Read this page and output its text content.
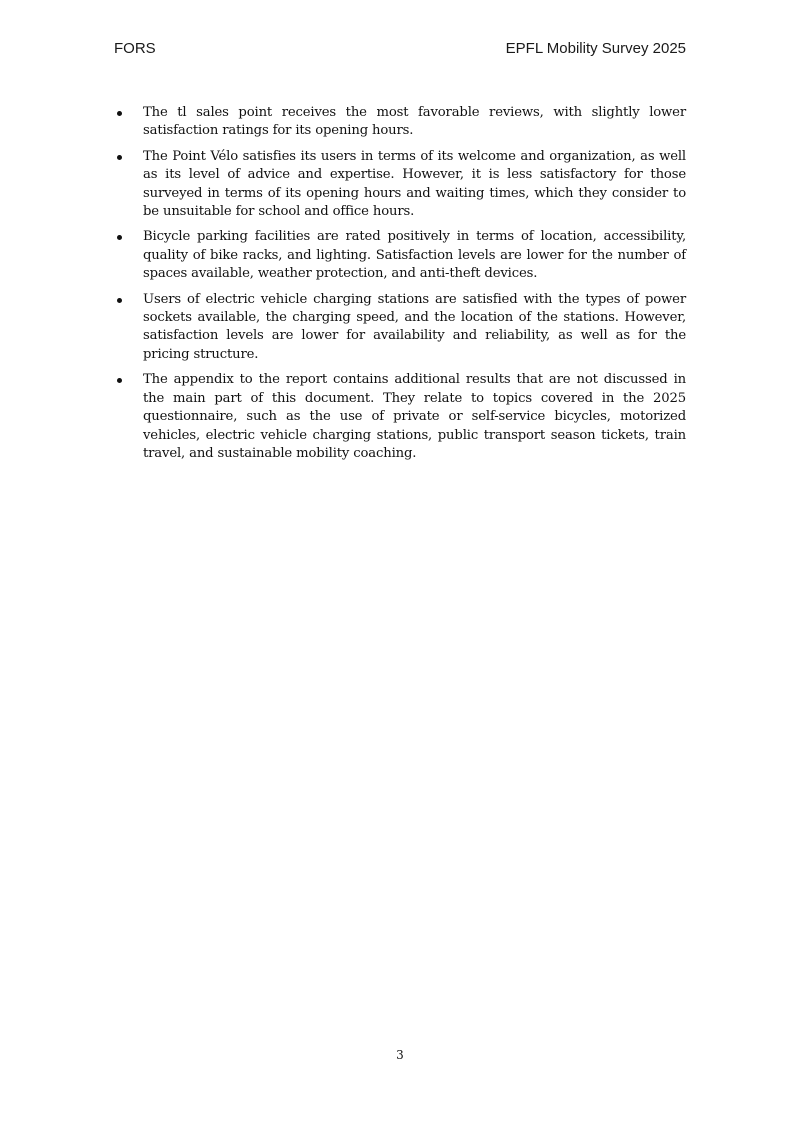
FORS	EPFL Mobility Survey 2025
The tl sales point receives the most favorable reviews, with slightly lower satisfaction ratings for its opening hours.
The Point Vélo satisfies its users in terms of its welcome and organization, as well as its level of advice and expertise. However, it is less satisfactory for those surveyed in terms of its opening hours and waiting times, which they consider to be unsuitable for school and office hours.
Bicycle parking facilities are rated positively in terms of location, accessibility, quality of bike racks, and lighting. Satisfaction levels are lower for the number of spaces available, weather protection, and anti-theft devices.
Users of electric vehicle charging stations are satisfied with the types of power sockets available, the charging speed, and the location of the stations. However, satisfaction levels are lower for availability and reliability, as well as for the pricing structure.
The appendix to the report contains additional results that are not discussed in the main part of this document. They relate to topics covered in the 2025 questionnaire, such as the use of private or self-service bicycles, motorized vehicles, electric vehicle charging stations, public transport season tickets, train travel, and sustainable mobility coaching.
3
